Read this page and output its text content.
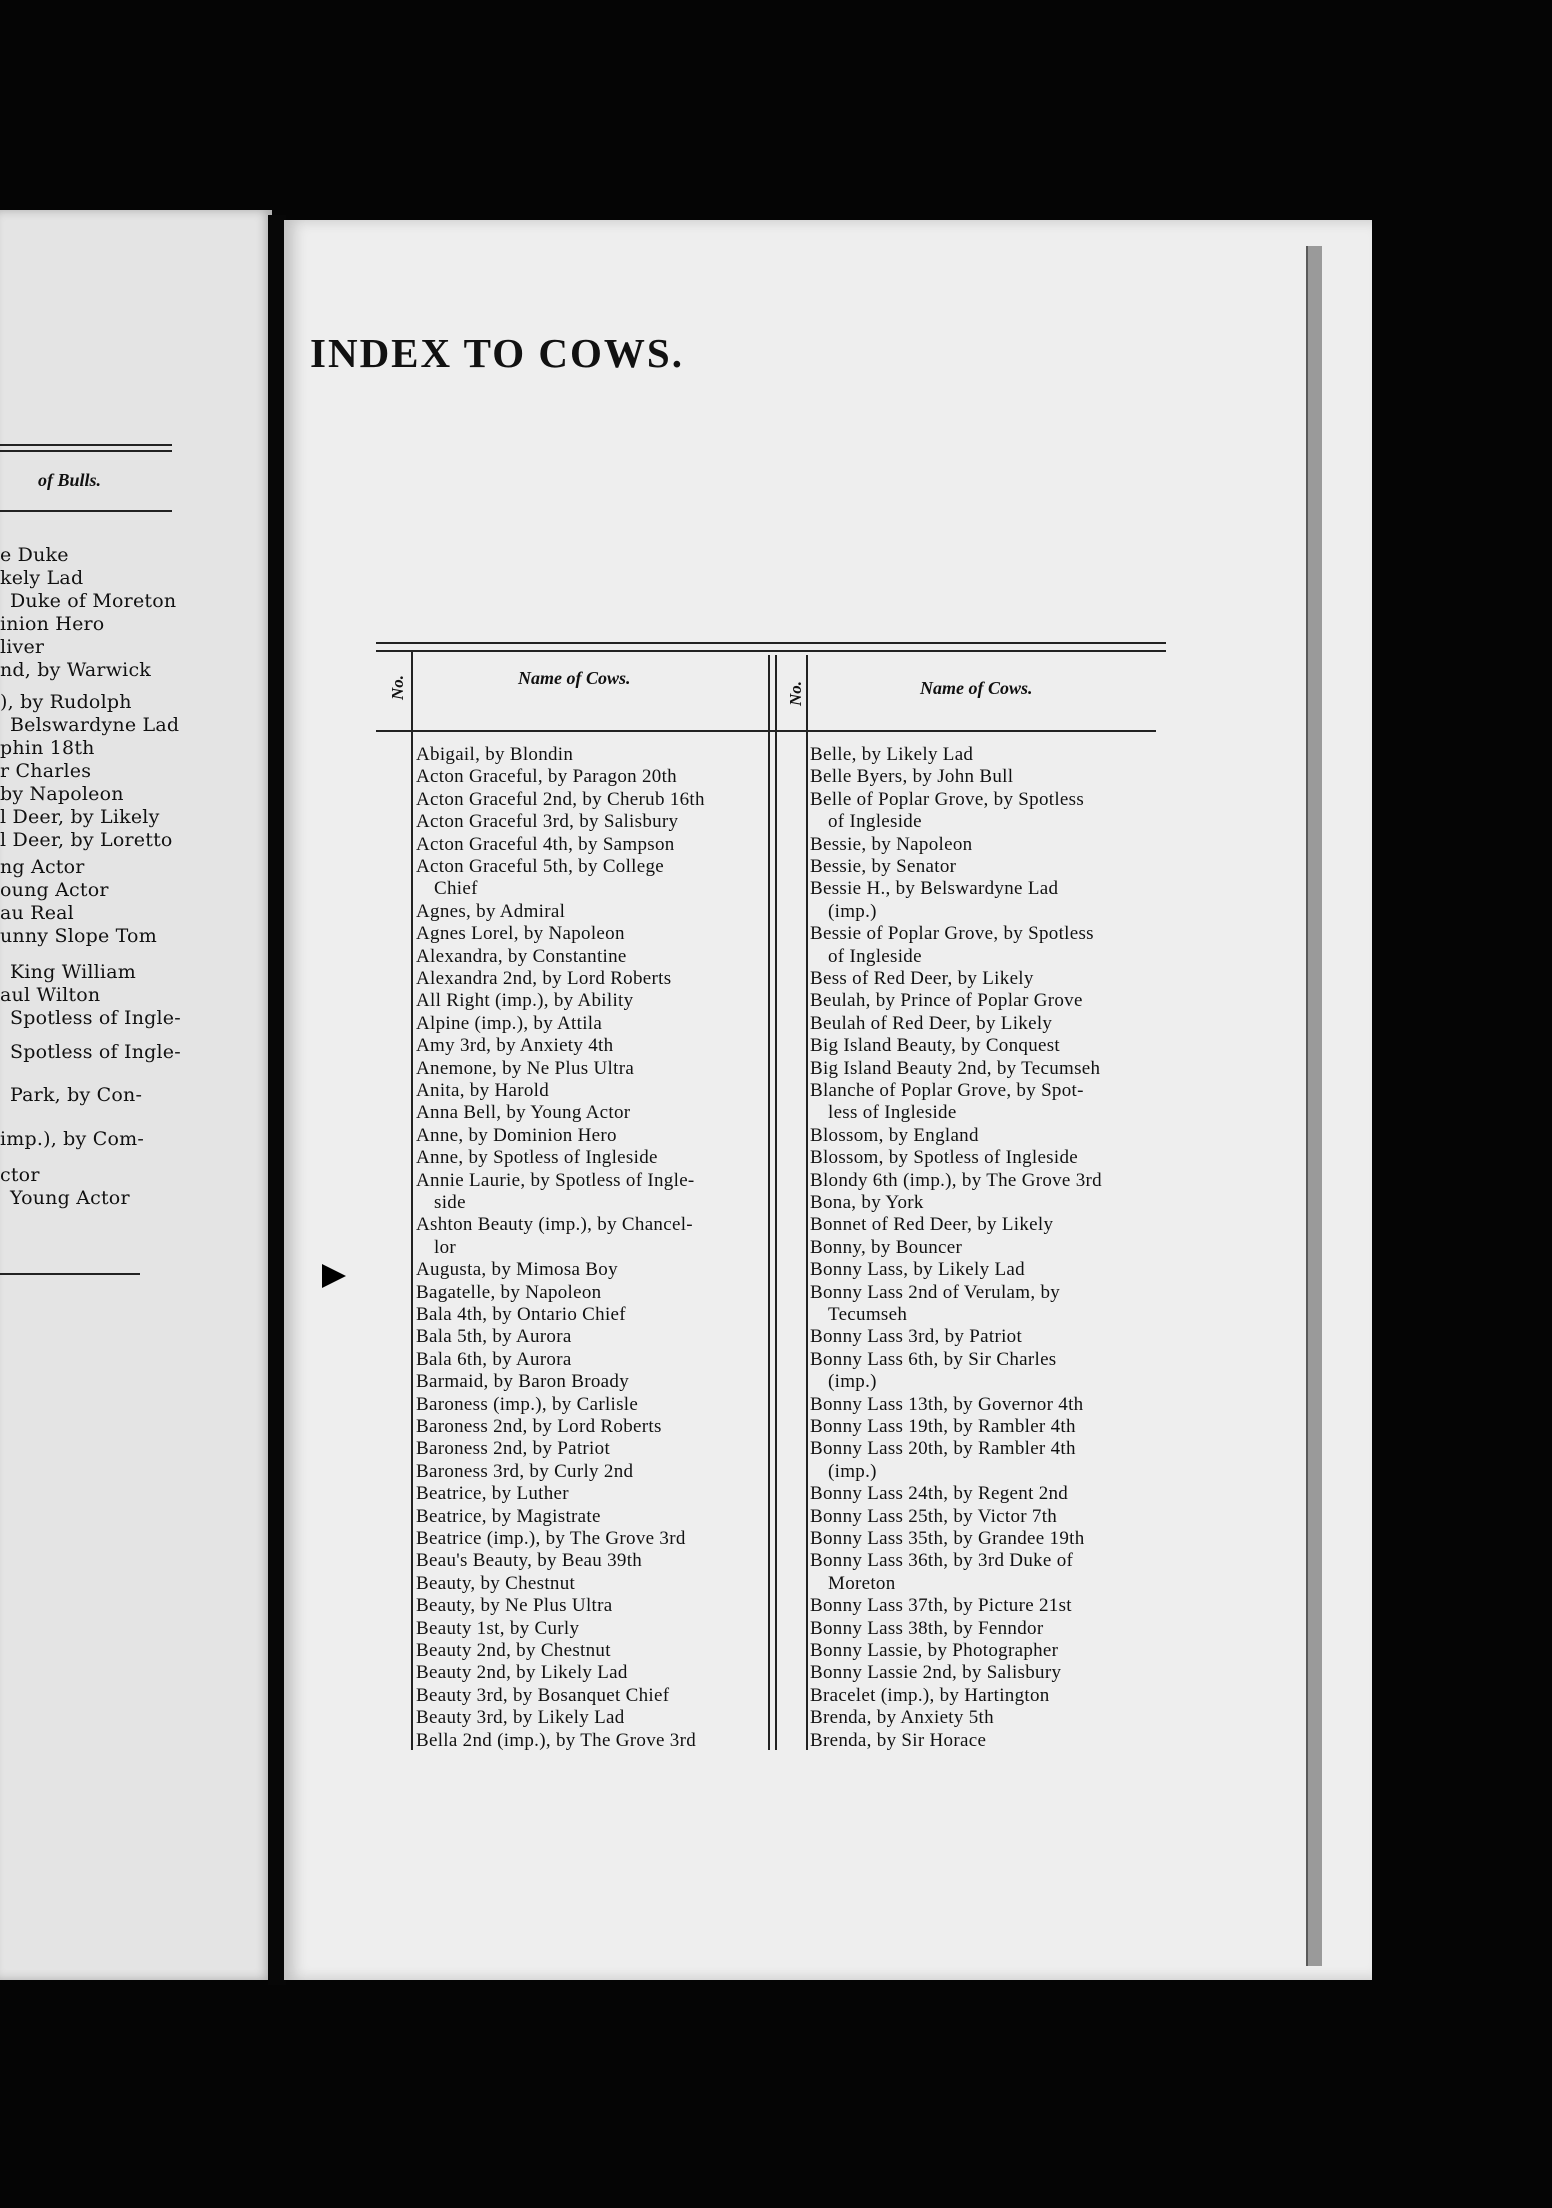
of Bulls.
e Duke
kely Lad
Duke of Moreton
inion Hero
liver
nd, by Warwick
), by Rudolph
Belswardyne Lad
phin 18th
r Charles
by Napoleon
l Deer, by Likely
l Deer, by Loretto
ng Actor
oung Actor
au Real
unny Slope Tom
King William
aul Wilton
Spotless of Ingle-
Spotless of Ingle-
Park, by Con-
imp.), by Com-
ctor
Young Actor
INDEX TO COWS.
No.	Name of Cows.
No.	Name of Cows.
Abigail, by Blondin
Acton Graceful, by Paragon 20th
Acton Graceful 2nd, by Cherub 16th
Acton Graceful 3rd, by Salisbury
Acton Graceful 4th, by Sampson
Acton Graceful 5th, by College
Chief
Agnes, by Admiral
Agnes Lorel, by Napoleon
Alexandra, by Constantine
Alexandra 2nd, by Lord Roberts
All Right (imp.), by Ability
Alpine (imp.), by Attila
Amy 3rd, by Anxiety 4th
Anemone, by Ne Plus Ultra
Anita, by Harold
Anna Bell, by Young Actor
Anne, by Dominion Hero
Anne, by Spotless of Ingleside
Annie Laurie, by Spotless of Ingle-
side
Ashton Beauty (imp.), by Chancel-
lor
Augusta, by Mimosa Boy
Bagatelle, by Napoleon
Bala 4th, by Ontario Chief
Bala 5th, by Aurora
Bala 6th, by Aurora
Barmaid, by Baron Broady
Baroness (imp.), by Carlisle
Baroness 2nd, by Lord Roberts
Baroness 2nd, by Patriot
Baroness 3rd, by Curly 2nd
Beatrice, by Luther
Beatrice, by Magistrate
Beatrice (imp.), by The Grove 3rd
Beau's Beauty, by Beau 39th
Beauty, by Chestnut
Beauty, by Ne Plus Ultra
Beauty 1st, by Curly
Beauty 2nd, by Chestnut
Beauty 2nd, by Likely Lad
Beauty 3rd, by Bosanquet Chief
Beauty 3rd, by Likely Lad
Bella 2nd (imp.), by The Grove 3rd
Belle, by Likely Lad
Belle Byers, by John Bull
Belle of Poplar Grove, by Spotless
of Ingleside
Bessie, by Napoleon
Bessie, by Senator
Bessie H., by Belswardyne Lad
(imp.)
Bessie of Poplar Grove, by Spotless
of Ingleside
Bess of Red Deer, by Likely
Beulah, by Prince of Poplar Grove
Beulah of Red Deer, by Likely
Big Island Beauty, by Conquest
Big Island Beauty 2nd, by Tecumseh
Blanche of Poplar Grove, by Spot-
less of Ingleside
Blossom, by England
Blossom, by Spotless of Ingleside
Blondy 6th (imp.), by The Grove 3rd
Bona, by York
Bonnet of Red Deer, by Likely
Bonny, by Bouncer
Bonny Lass, by Likely Lad
Bonny Lass 2nd of Verulam, by
Tecumseh
Bonny Lass 3rd, by Patriot
Bonny Lass 6th, by Sir Charles
(imp.)
Bonny Lass 13th, by Governor 4th
Bonny Lass 19th, by Rambler 4th
Bonny Lass 20th, by Rambler 4th
(imp.)
Bonny Lass 24th, by Regent 2nd
Bonny Lass 25th, by Victor 7th
Bonny Lass 35th, by Grandee 19th
Bonny Lass 36th, by 3rd Duke of
Moreton
Bonny Lass 37th, by Picture 21st
Bonny Lass 38th, by Fenndor
Bonny Lassie, by Photographer
Bonny Lassie 2nd, by Salisbury
Bracelet (imp.), by Hartington
Brenda, by Anxiety 5th
Brenda, by Sir Horace
